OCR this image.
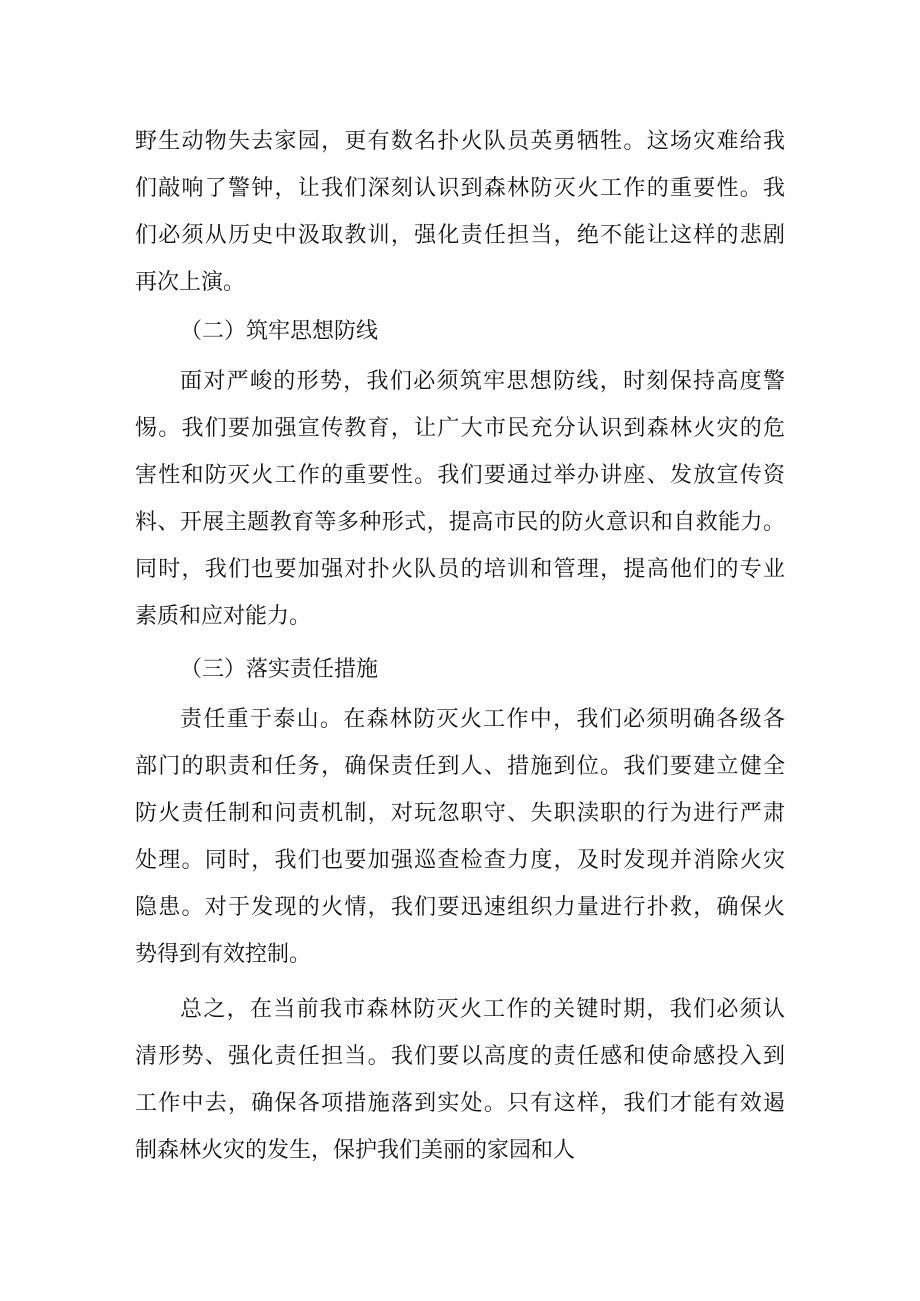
野生动物失去家园，更有数名扑火队员英勇牺牲。这场灾难给我

们敲响了警钟，让我们深刻认识到森林防灭火工作的重要性。我

们必须从历史中汲取教训，强化责任担当，绝不能让这样的悲剧

再次上演。

（二）筑牢思想防线

面对严峻的形势，我们必须筑牢思想防线，时刻保持高度警

惕。我们要加强宣传教育，让广大市民充分认识到森林火灾的危

害性和防灭火工作的重要性。我们要通过举办讲座、发放宣传资

料、开展主题教育等多种形式，提高市民的防火意识和自救能力。

同时，我们也要加强对扑火队员的培训和管理，提高他们的专业

素质和应对能力。

（三）落实责任措施

责任重于泰山。在森林防灭火工作中，我们必须明确各级各

部门的职责和任务，确保责任到人、措施到位。我们要建立健全

防火责任制和问责机制，对玩忽职守、失职渎职的行为进行严肃

处理。同时，我们也要加强巡查检查力度，及时发现并消除火灾

隐患。对于发现的火情，我们要迅速组织力量进行扑救，确保火

势得到有效控制。

总之，在当前我市森林防灭火工作的关键时期，我们必须认

清形势、强化责任担当。我们要以高度的责任感和使命感投入到

工作中去，确保各项措施落到实处。只有这样，我们才能有效遏

制森林火灾的发生，保护我们美丽的家园和人
